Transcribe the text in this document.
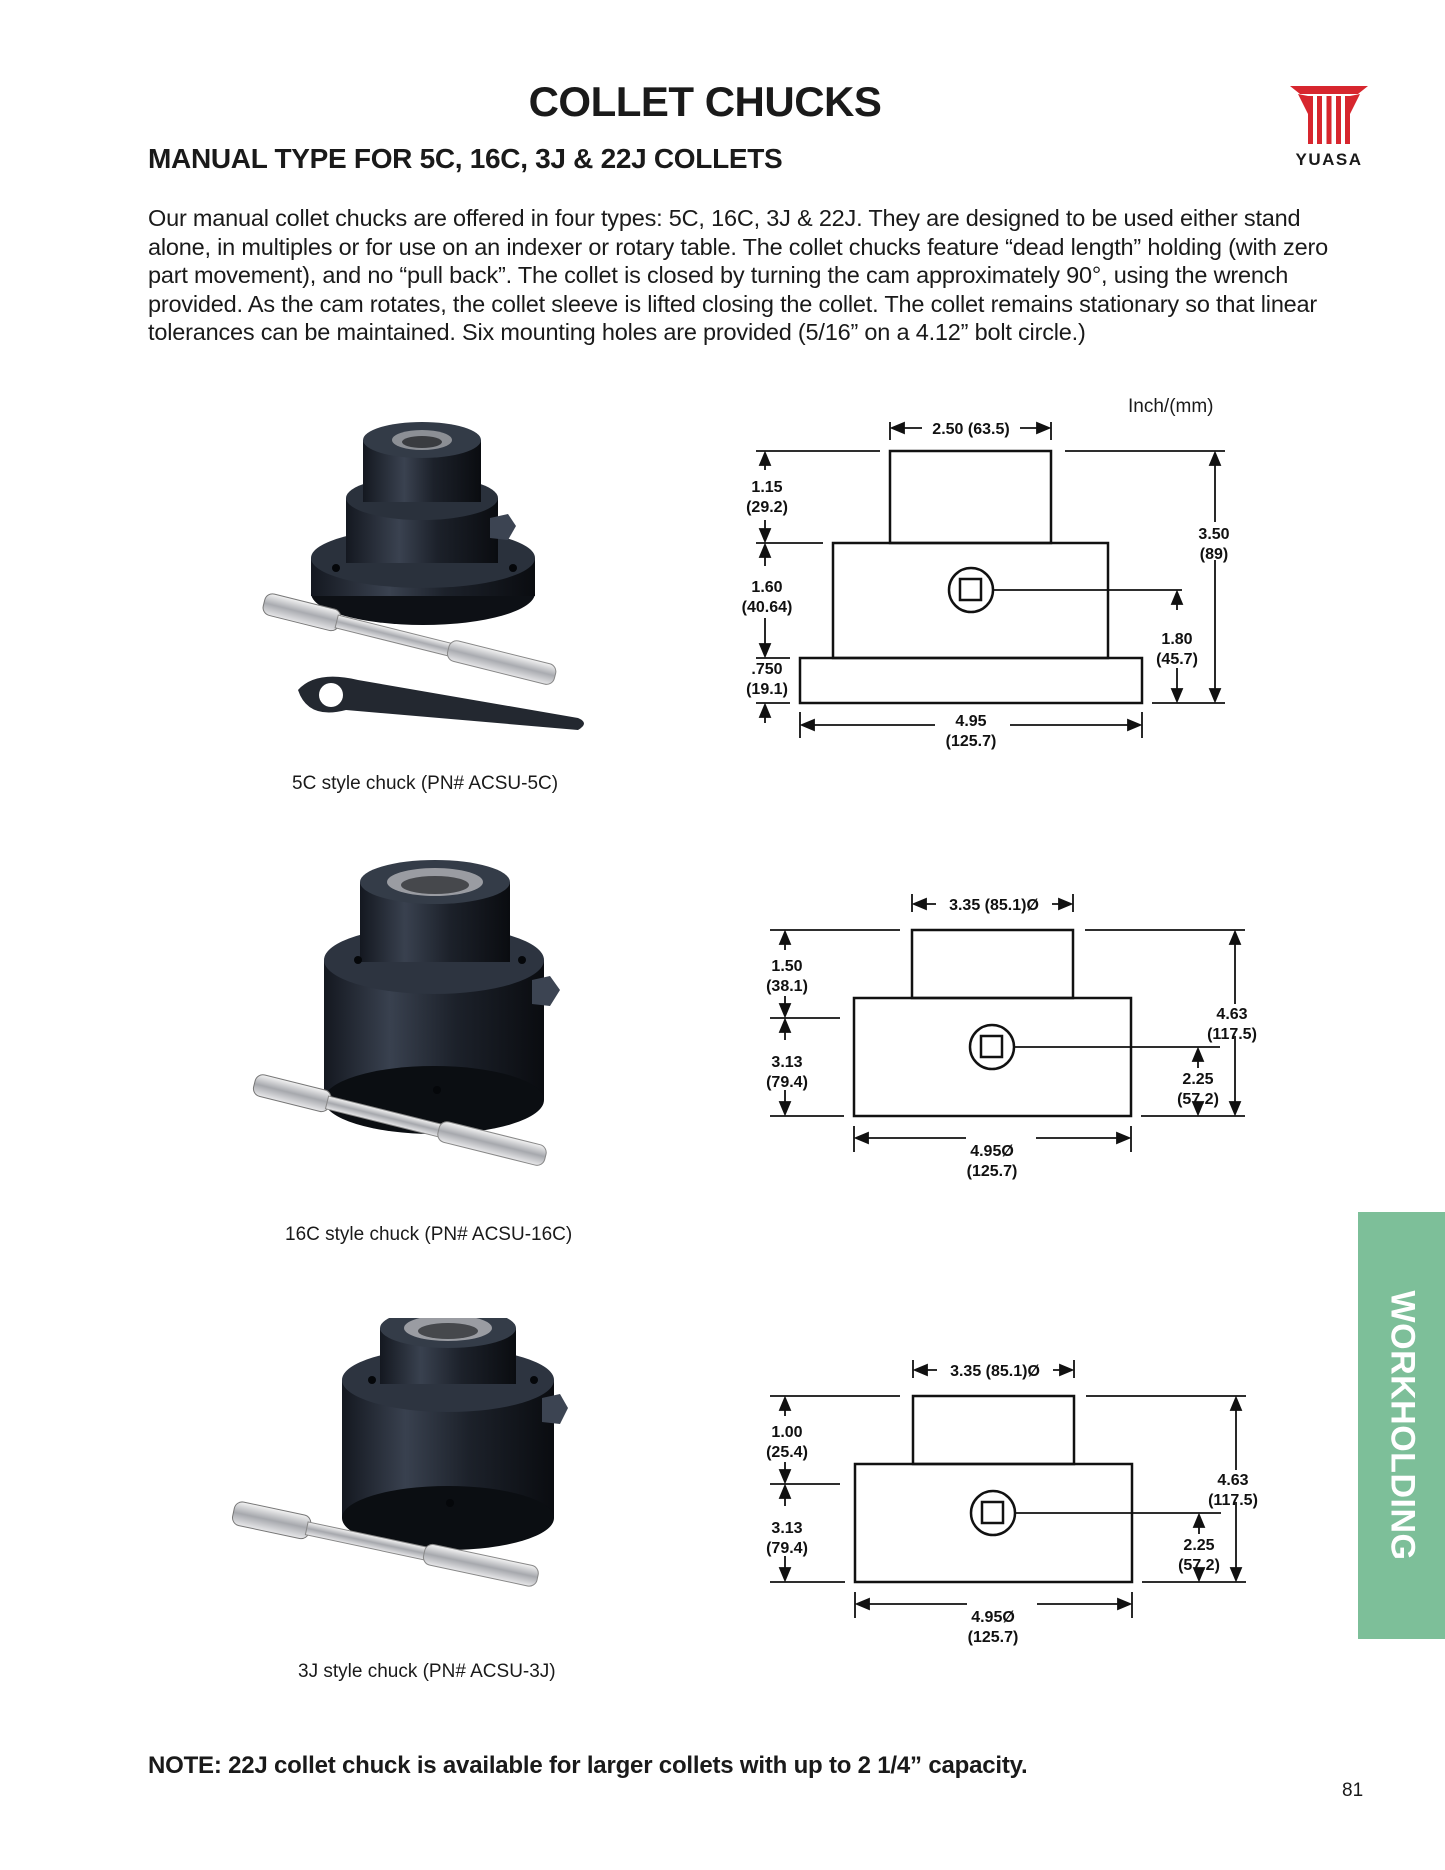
COLLET CHUCKS
MANUAL TYPE FOR 5C, 16C, 3J & 22J COLLETS	YUASA
Our manual collet chucks are offered in four types: 5C, 16C, 3J & 22J. They are designed to be used either stand alone, in multiples or for use on an indexer or rotary table. The collet chucks feature “dead length” holding (with zero part movement), and no “pull back”. The collet is closed by turning the cam approximately 90°, using the wrench provided. As the cam rotates, the collet sleeve is lifted closing the collet. The collet remains stationary so that linear tolerances can be maintained. Six mounting holes are provided (5/16” on a 4.12” bolt circle.)
Inch/(mm)
5C style chuck (PN# ACSU-5C)
16C style chuck (PN# ACSU-16C)
3J style chuck (PN# ACSU-3J)
2.50 (63.5)
1.15
(29.2)
1.60
(40.64)
.750
(19.1)
3.50
(89)
1.80
(45.7)
4.95
(125.7)
3.35 (85.1)Ø
1.50
(38.1)
3.13
(79.4)
4.63
(117.5)
2.25
(57.2)
4.95Ø
(125.7)
3.35 (85.1)Ø
1.00
(25.4)
3.13
(79.4)
4.63
(117.5)
2.25
(57.2)
4.95Ø
(125.7)
WORKHOLDING
NOTE: 22J collet chuck is available for larger collets with up to 2 1/4” capacity.
81
